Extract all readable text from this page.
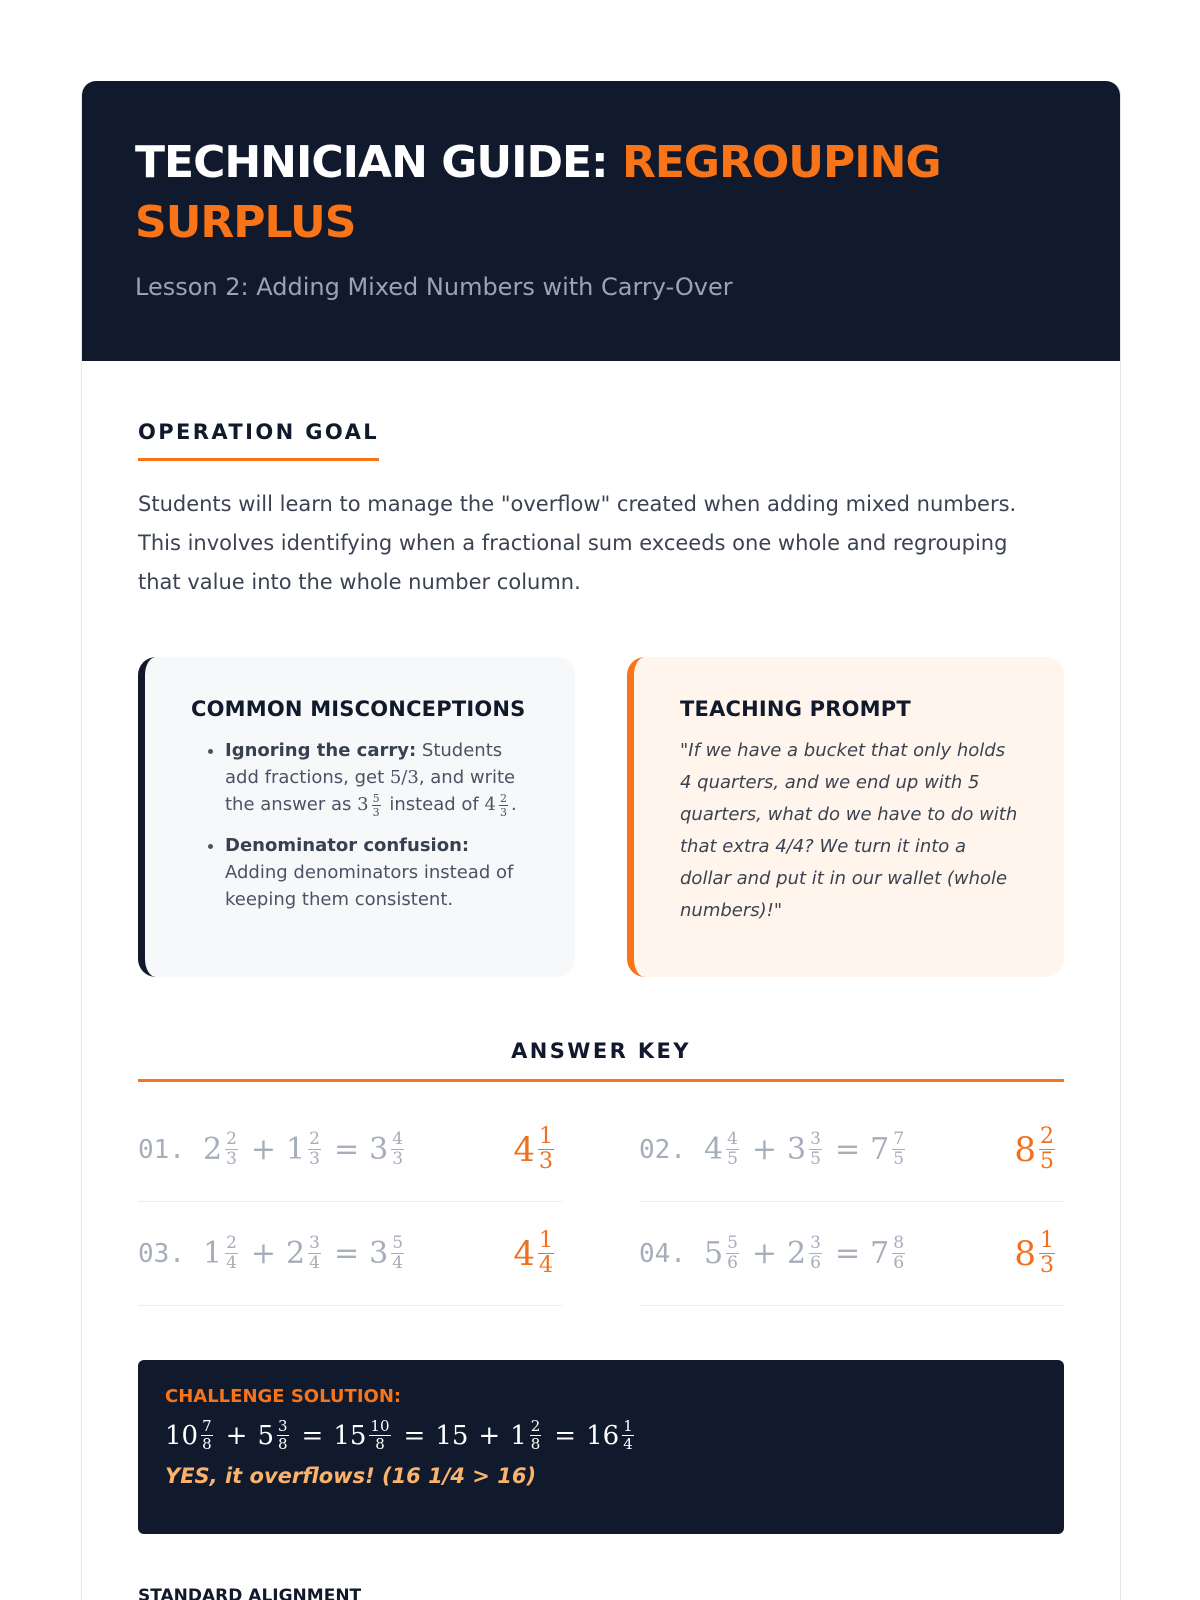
TECHNICIAN GUIDE: REGROUPING SURPLUS
Lesson 2: Adding Mixed Numbers with Carry-Over
OPERATION GOAL

Students will learn to manage the "overflow" created when adding mixed numbers. This involves identifying when a fractional sum exceeds one whole and regrouping that value into the whole number column.

COMMON MISCONCEPTIONS
• Ignoring the carry: Students add fractions, get 5/3, and write the answer as $3 \frac{5}{3}$ instead of $4 \frac{2}{3}$ .
• Denominator confusion: Adding denominators instead of keeping them consistent.
TEACHING PROMPT

"If we have a bucket that only holds 4 quarters, and we end up with 5 quarters, what do we have to do with that extra 4/4? We turn it into a dollar and put it in our wallet (whole numbers)!"

ANSWER KEY
01. $2 \frac{2}{3} + 1 \frac{2}{3} = 3 \frac{4}{3}$	$4 \frac{1}{3}$	02. $4 \frac{4}{5} + 3 \frac{3}{5} = 7 \frac{7}{5}$	$8 \frac{2}{5}$
03. $1 \frac{2}{4} + 2 \frac{3}{4} = 3 \frac{5}{4}$	$4 \frac{1}{4}$	04. $5 \frac{5}{6} + 2 \frac{3}{6} = 7 \frac{8}{6}$	$8 \frac{1}{3}$
CHALLENGE SOLUTION:
$10 \frac{7}{8} + 5 \frac{3}{8} = 15 \frac{10}{8} = 15 + 1 \frac{2}{8} = 16 \frac{1}{4}$
YES, it overflows! (16 1/4 > 16)
STANDARD ALIGNMENT
